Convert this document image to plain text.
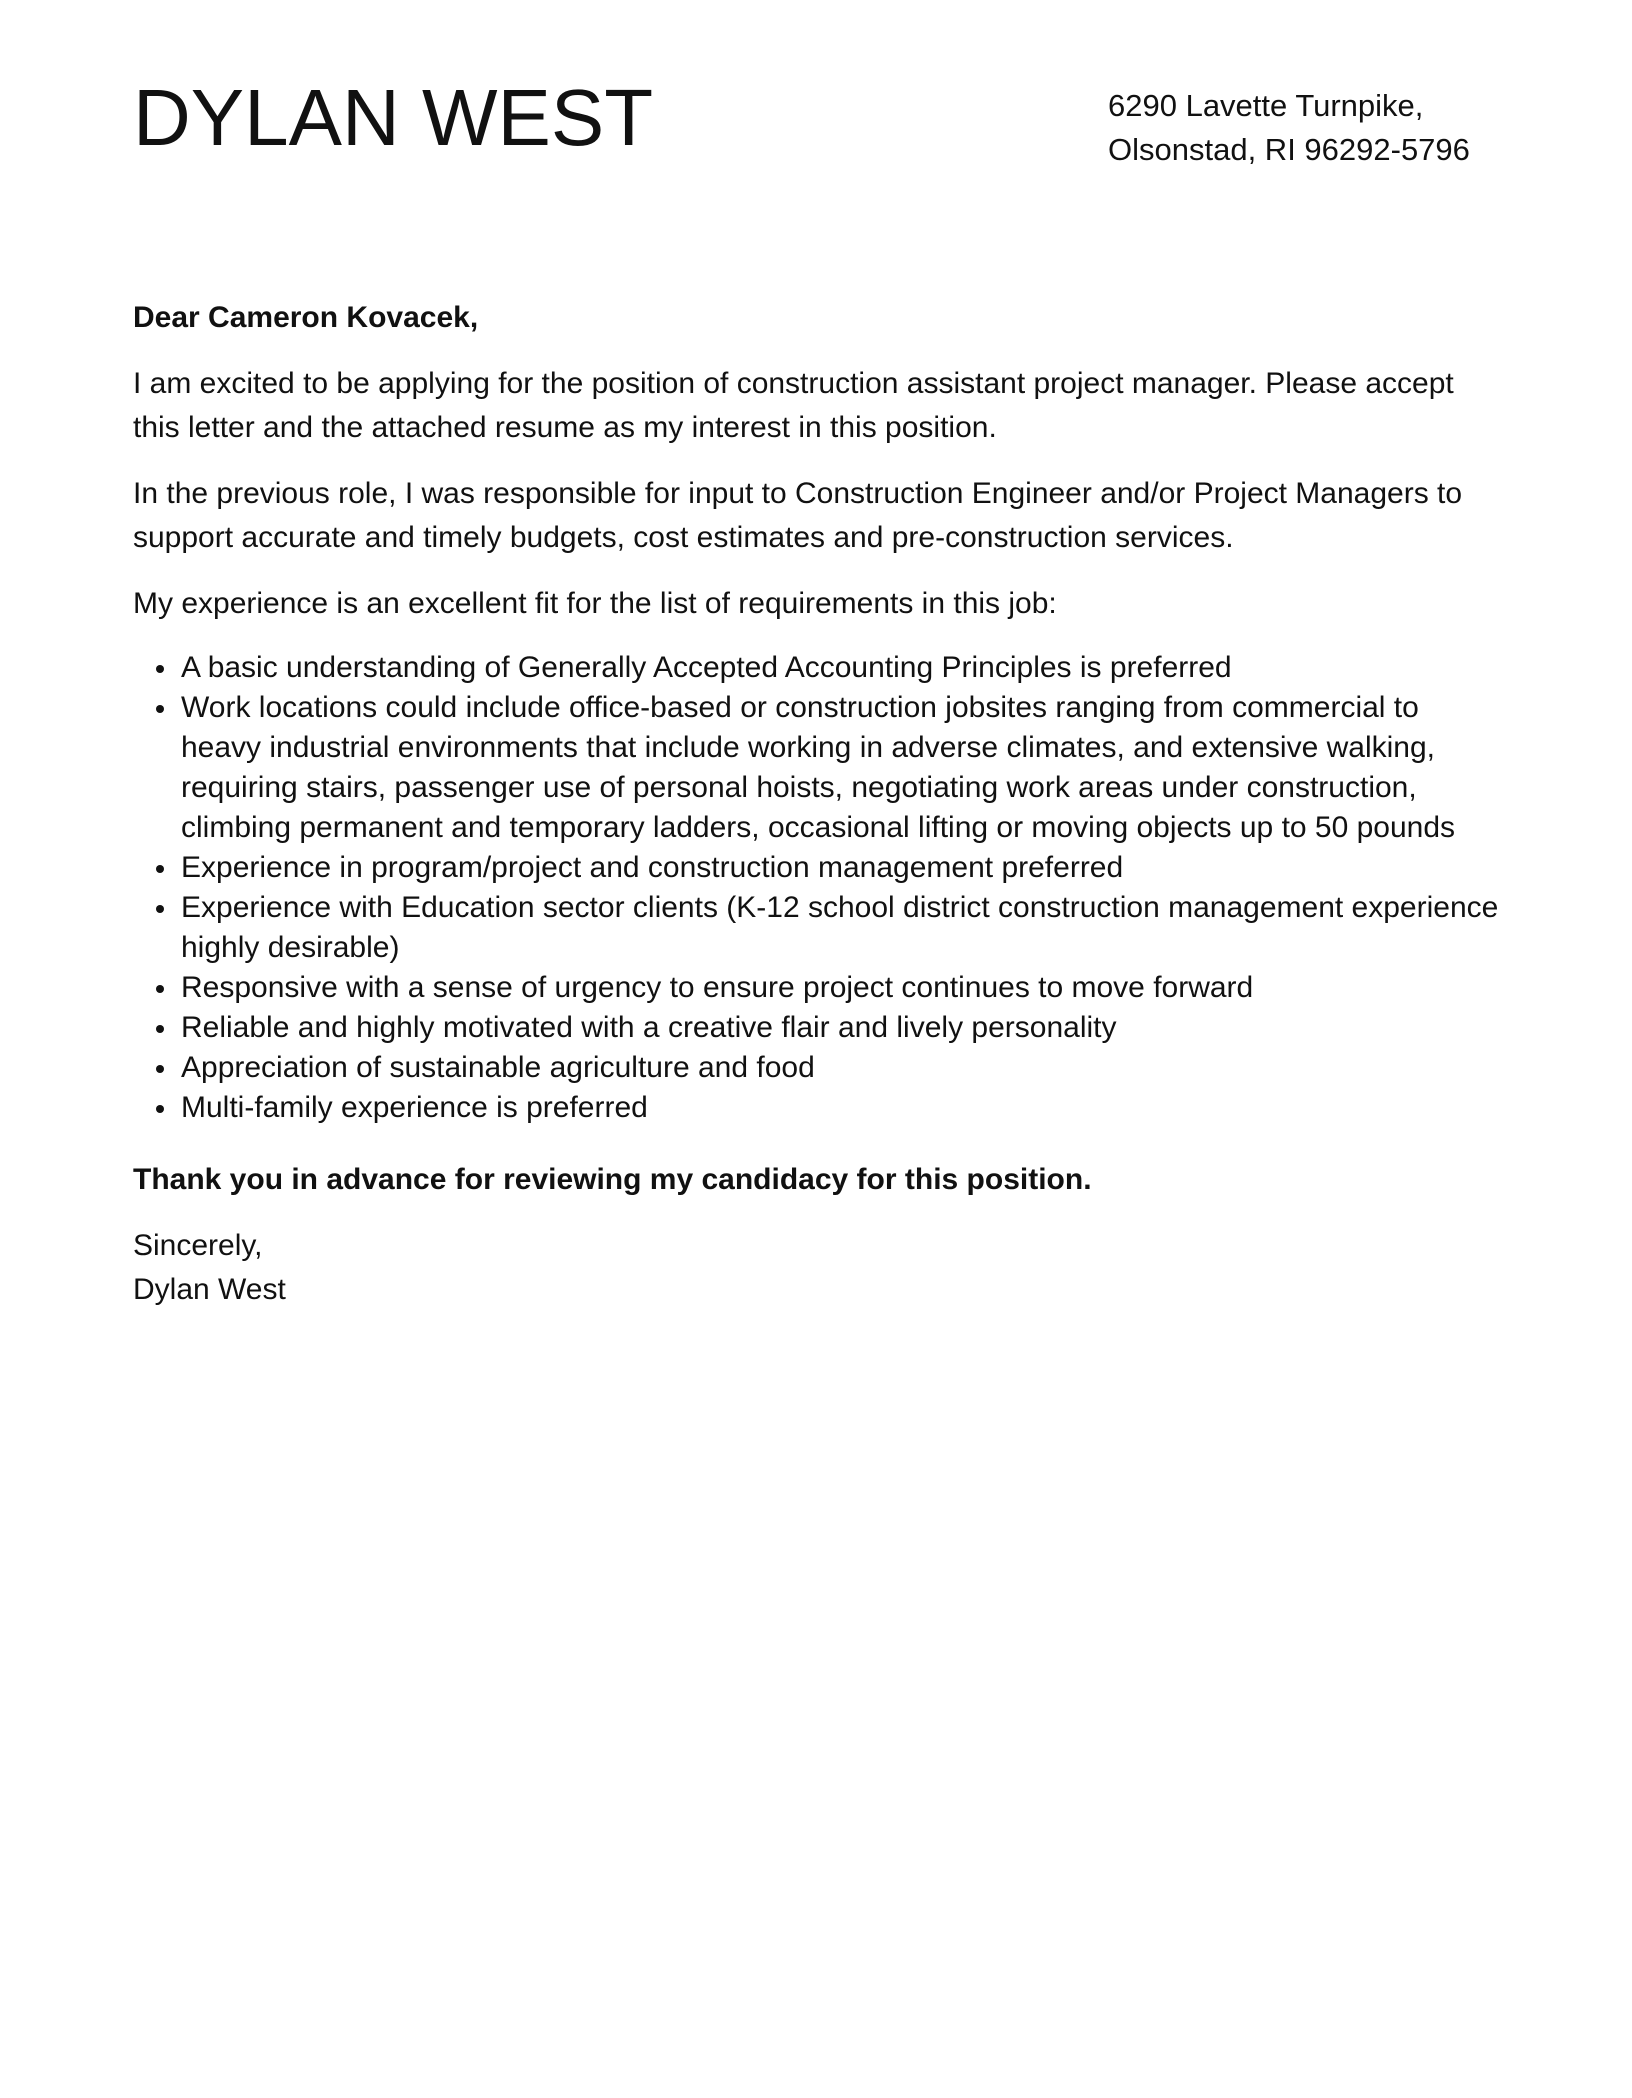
DYLAN WEST	6290 Lavette Turnpike,
Olsonstad, RI 96292-5796

Dear Cameron Kovacek,

I am excited to be applying for the position of construction assistant project manager. Please accept this letter and the attached resume as my interest in this position.

In the previous role, I was responsible for input to Construction Engineer and/or Project Managers to support accurate and timely budgets, cost estimates and pre-construction services.

My experience is an excellent fit for the list of requirements in this job:

A basic understanding of Generally Accepted Accounting Principles is preferred
Work locations could include office-based or construction jobsites ranging from commercial to heavy industrial environments that include working in adverse climates, and extensive walking, requiring stairs, passenger use of personal hoists, negotiating work areas under construction, climbing permanent and temporary ladders, occasional lifting or moving objects up to 50 pounds
Experience in program/project and construction management preferred
Experience with Education sector clients (K-12 school district construction management experience highly desirable)
Responsive with a sense of urgency to ensure project continues to move forward
Reliable and highly motivated with a creative flair and lively personality
Appreciation of sustainable agriculture and food
Multi-family experience is preferred

Thank you in advance for reviewing my candidacy for this position.

Sincerely,
Dylan West
